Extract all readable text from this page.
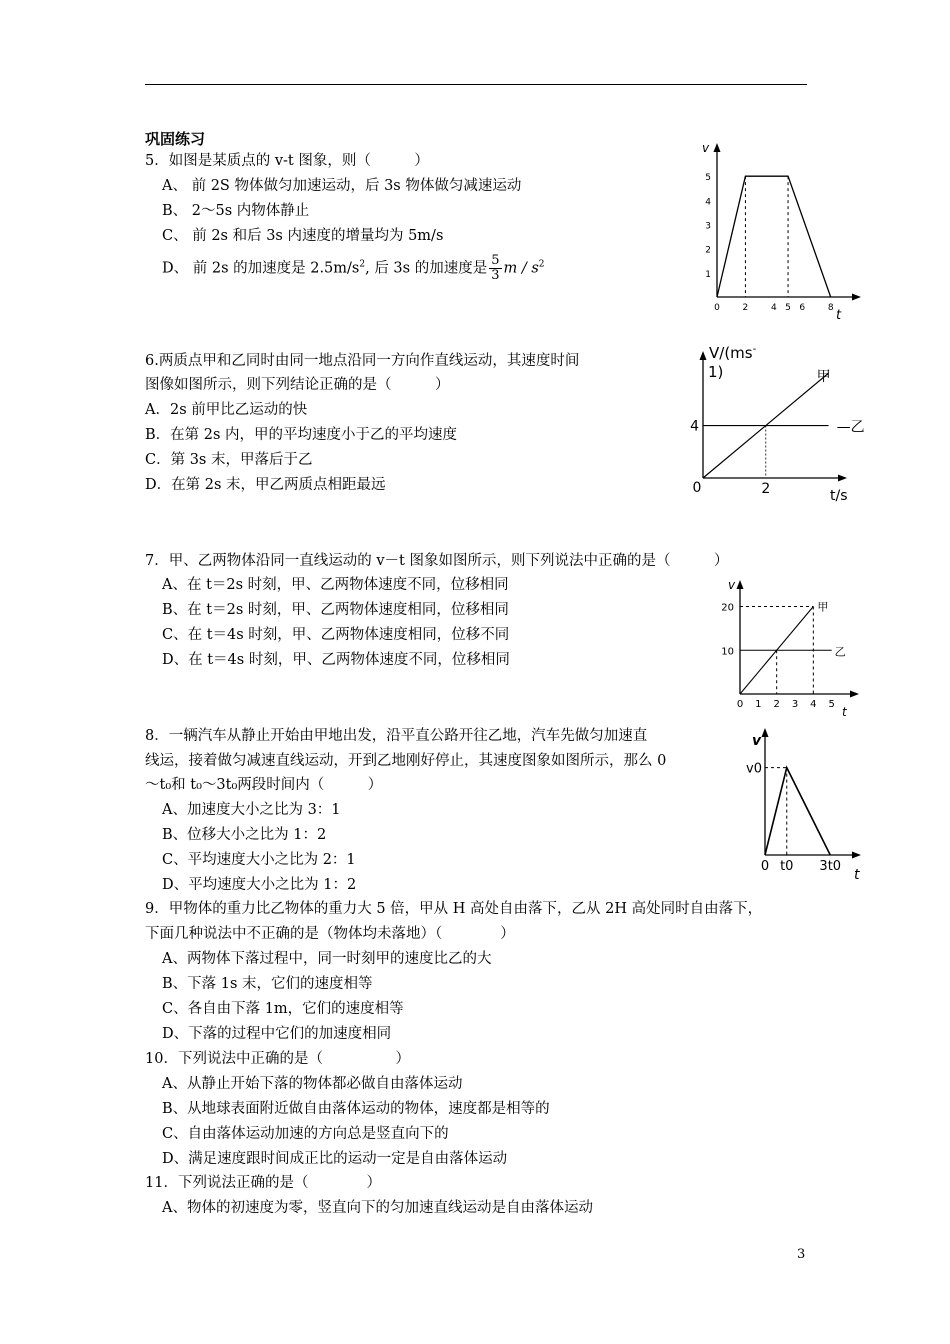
巩固练习
5．如图是某质点的 v-t 图象，则（　　　）
A、 前 2S 物体做匀加速运动，后 3s 物体做匀减速运动
B、 2～5s 内物体静止
C、 前 2s 和后 3s 内速度的增量均为 5m/s
D、 前 2s 的加速度是 $2.5m/s^2$, 后 3s 的加速度是 $\frac{5}{3}$ m / $s^2$
v
t
1
2
3
4
5
0	2	4 5 6	8
6.两质点甲和乙同时由同一地点沿同一方向作直线运动，其速度时间
图像如图所示，则下列结论正确的是（　　　）
A．2s 前甲比乙运动的快
B．在第 2s 内，甲的平均速度小于乙的平均速度
C．第 3s 末，甲落后于乙
D．在第 2s 末，甲乙两质点相距最远
V/(ms-
1)
t/s
0
4
2
甲
—乙
7．甲、乙两物体沿同一直线运动的 v－t 图象如图所示，则下列说法中正确的是（　　　）
A、在 t＝2s 时刻，甲、乙两物体速度不同，位移相同
B、在 t＝2s 时刻，甲、乙两物体速度相同，位移相同
C、在 t＝4s 时刻，甲、乙两物体速度相同，位移不同
D、在 t＝4s 时刻，甲、乙两物体速度不同，位移相同
v
t
10
20
0 1 2 3 4 5
甲
乙
8．一辆汽车从静止开始由甲地出发，沿平直公路开往乙地，汽车先做匀加速直
线运，接着做匀减速直线运动，开到乙地刚好停止，其速度图象如图所示，那么 0
～t₀和 t₀～3t₀两段时间内（　　　）
A、加速度大小之比为 3：1
B、位移大小之比为 1：2
C、平均速度大小之比为 2：1
D、平均速度大小之比为 1：2
v
t
v0
0 t0 3t0
9．甲物体的重力比乙物体的重力大 5 倍，甲从 H 高处自由落下，乙从 2H 高处同时自由落下，
下面几种说法中不正确的是（物体均未落地）（　　　　）
A、两物体下落过程中，同一时刻甲的速度比乙的大
B、下落 1s 末，它们的速度相等
C、各自由下落 1m，它们的速度相等
D、下落的过程中它们的加速度相同
10．下列说法中正确的是（　　　　　）
A、从静止开始下落的物体都必做自由落体运动
B、从地球表面附近做自由落体运动的物体，速度都是相等的
C、自由落体运动加速的方向总是竖直向下的
D、满足速度跟时间成正比的运动一定是自由落体运动
11．下列说法正确的是（　　　　）
A、物体的初速度为零，竖直向下的匀加速直线运动是自由落体运动
3
